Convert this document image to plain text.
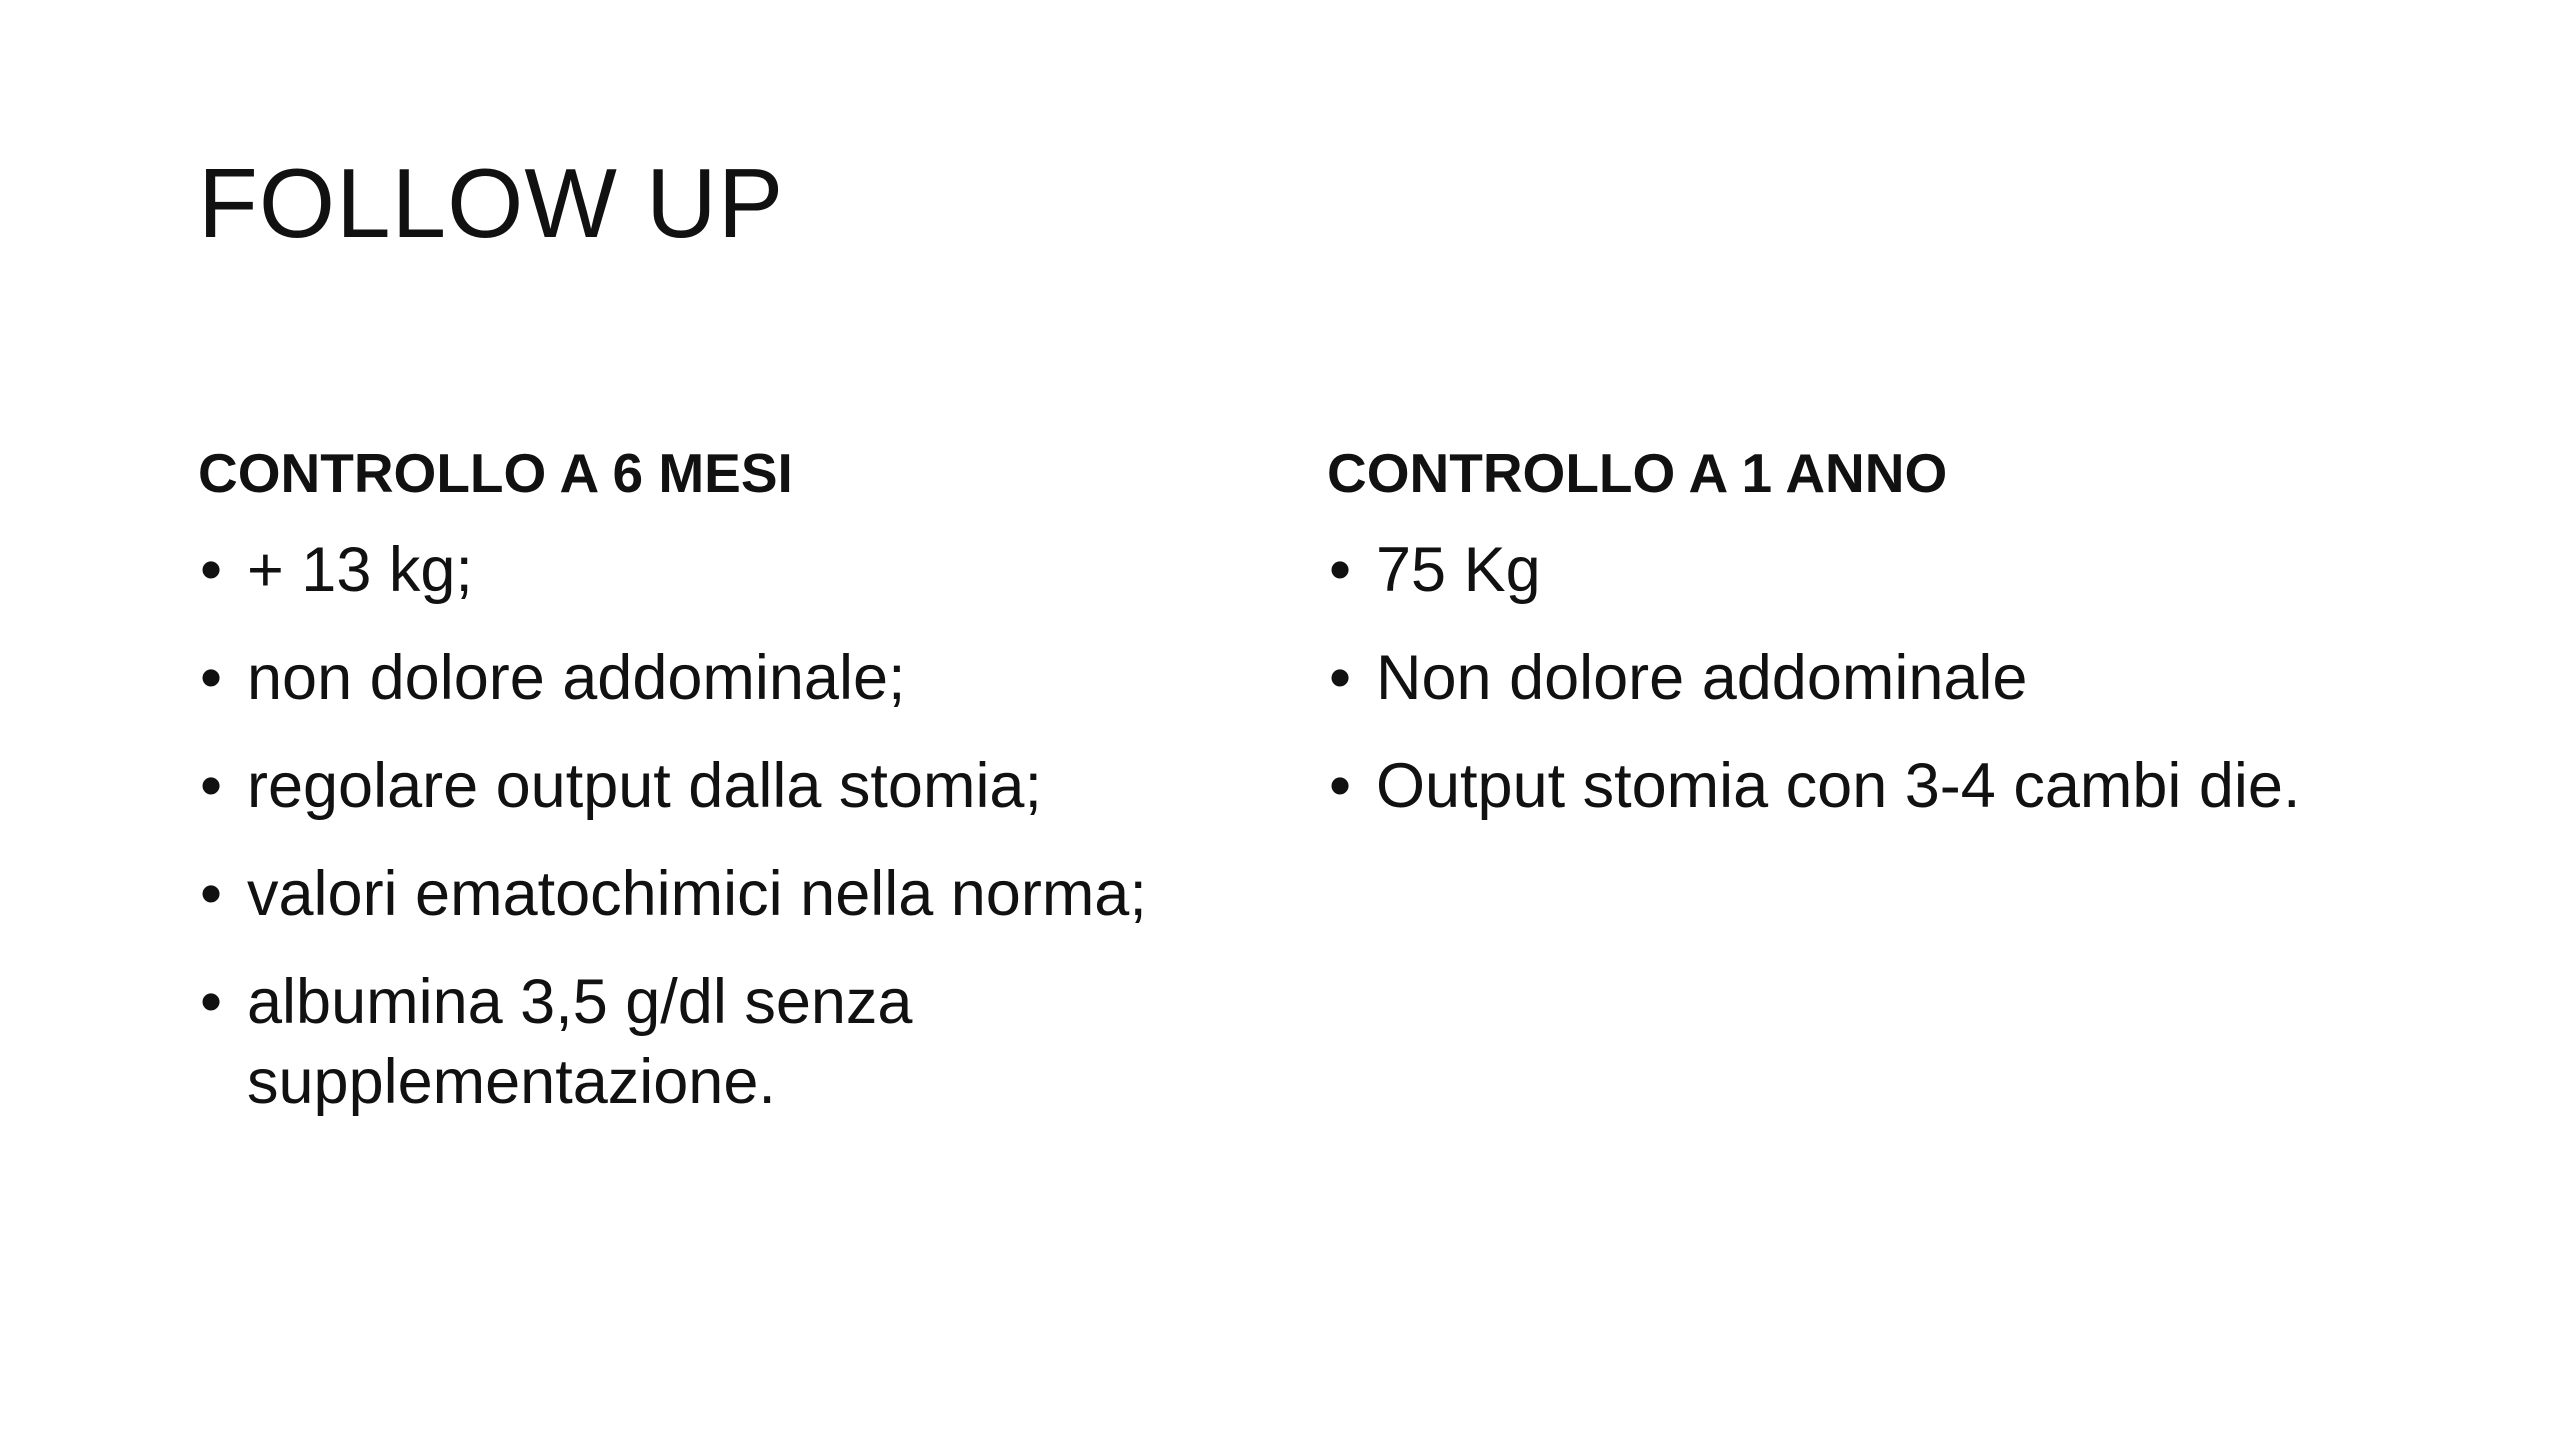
FOLLOW UP
CONTROLLO A 6 MESI
• + 13 kg;
• non dolore addominale;
• regolare output dalla stomia;
• valori ematochimici nella norma;
• albumina 3,5 g/dl senza supplementazione.
CONTROLLO A 1 ANNO
• 75 Kg
• Non dolore addominale
• Output stomia con 3-4 cambi die.
